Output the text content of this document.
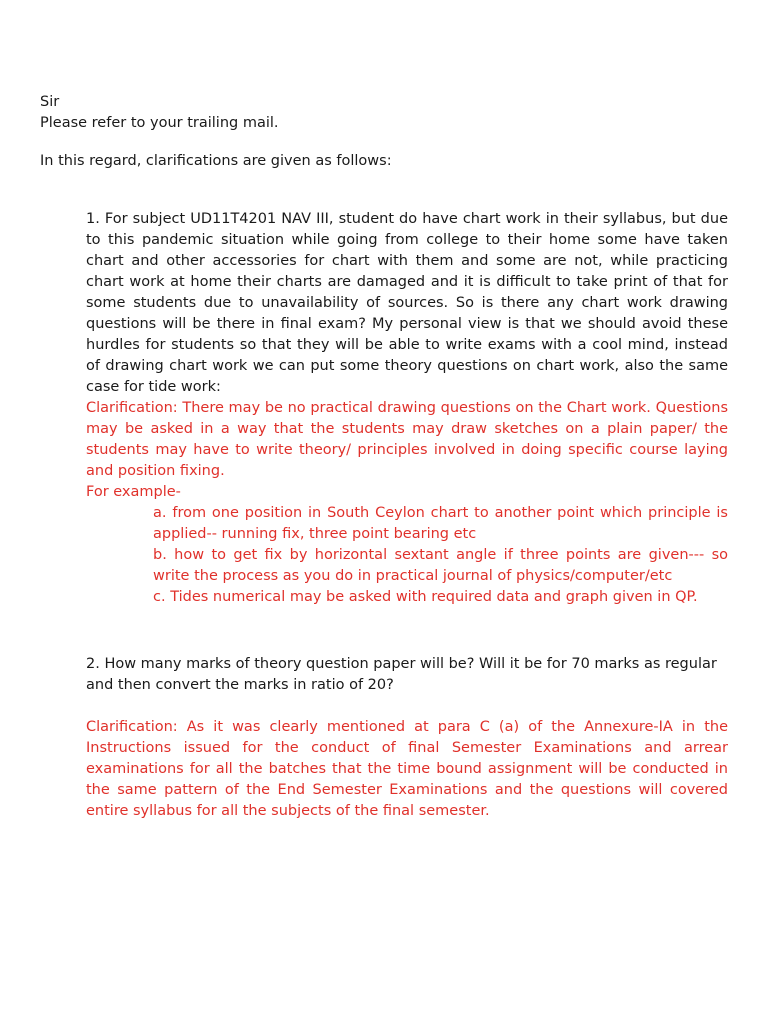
Sir

Please refer to your trailing mail.

In this regard, clarifications are given as follows:

1. For subject UD11T4201 NAV III, student do have chart work in their syllabus, but due to this pandemic situation while going from college to their home some have taken chart and other accessories for chart with them and some are not, while practicing chart work at home their charts are damaged and it is difficult to take print of that for some students due to unavailability of sources. So is there any chart work drawing questions will be there in final exam? My personal view is that we should avoid these hurdles for students so that they will be able to write exams with a cool mind, instead of drawing chart work we can put some theory questions on chart work, also the same case for tide work:

Clarification: There may be no practical drawing questions on the Chart work. Questions may be asked in a way that the students may draw sketches on a plain paper/ the students may have to write theory/ principles involved in doing specific course laying and position fixing.

For example-

a. from one position in South Ceylon chart to another point which principle is applied-- running fix, three point bearing etc

b. how to get fix by horizontal sextant angle if three points are given--- so write the process as you do in practical journal of physics/computer/etc

c. Tides numerical may be asked with required data and graph given in QP.

2. How many marks of theory question paper will be? Will it be for 70 marks as regular and then convert the marks in ratio of 20?

Clarification: As it was clearly mentioned at para C (a) of the Annexure-IA in the Instructions issued for the conduct of final Semester Examinations and arrear examinations for all the batches that the time bound assignment will be conducted in the same pattern of the End Semester Examinations and the questions will covered entire syllabus for all the subjects of the final semester.
